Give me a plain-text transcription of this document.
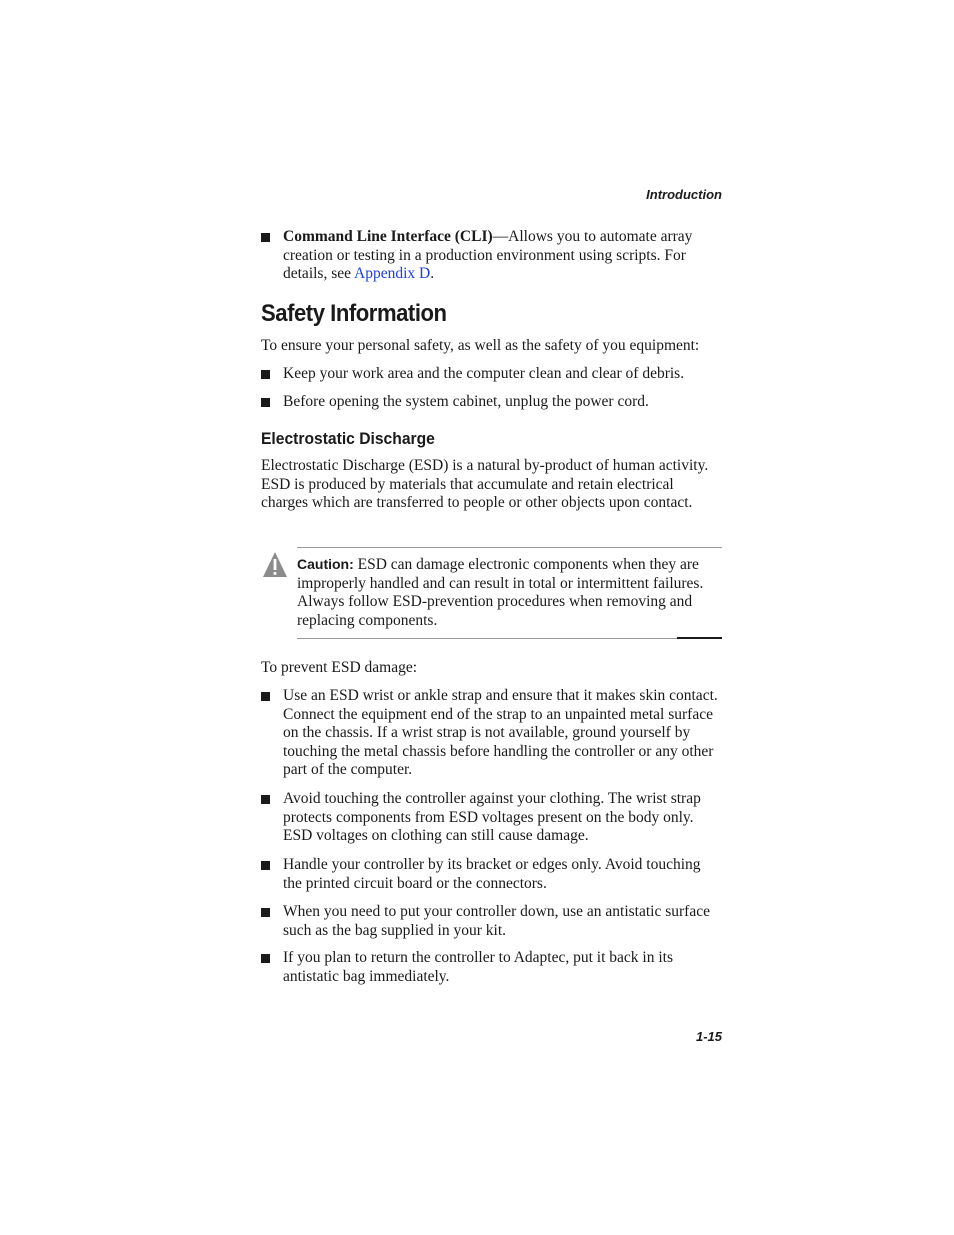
Introduction
Command Line Interface (CLI)—Allows you to automate array creation or testing in a production environment using scripts. For details, see Appendix D.
Safety Information
To ensure your personal safety, as well as the safety of you equipment:
Keep your work area and the computer clean and clear of debris.
Before opening the system cabinet, unplug the power cord.
Electrostatic Discharge
Electrostatic Discharge (ESD) is a natural by-product of human activity. ESD is produced by materials that accumulate and retain electrical charges which are transferred to people or other objects upon contact.
Caution: ESD can damage electronic components when they are improperly handled and can result in total or intermittent failures. Always follow ESD-prevention procedures when removing and replacing components.
To prevent ESD damage:
Use an ESD wrist or ankle strap and ensure that it makes skin contact. Connect the equipment end of the strap to an unpainted metal surface on the chassis. If a wrist strap is not available, ground yourself by touching the metal chassis before handling the controller or any other part of the computer.
Avoid touching the controller against your clothing. The wrist strap protects components from ESD voltages present on the body only. ESD voltages on clothing can still cause damage.
Handle your controller by its bracket or edges only. Avoid touching the printed circuit board or the connectors.
When you need to put your controller down, use an antistatic surface such as the bag supplied in your kit.
If you plan to return the controller to Adaptec, put it back in its antistatic bag immediately.
1-15
